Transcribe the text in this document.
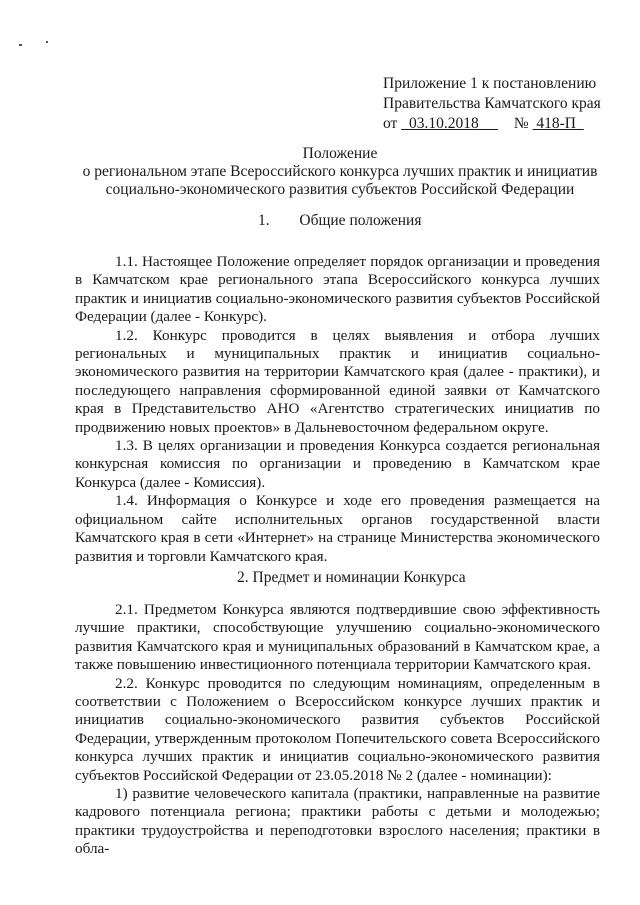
Приложение 1 к постановлению
Правительства Камчатского края
от 03.10.2018 № 418-П
Положение
о региональном этапе Всероссийского конкурса лучших практик и инициатив
социально-экономического развития субъектов Российской Федерации
1. Общие положения

1.1. Настоящее Положение определяет порядок организации и проведения в Камчатском крае регионального этапа Всероссийского конкурса лучших практик и инициатив социально-экономического развития субъектов Российской Федерации (далее - Конкурс).

1.2. Конкурс проводится в целях выявления и отбора лучших региональных и муниципальных практик и инициатив социально-экономического развития на территории Камчатского края (далее - практики), и последующего направления сформированной единой заявки от Камчатского края в Представительство АНО «Агентство стратегических инициатив по продвижению новых проектов» в Дальневосточном федеральном округе.

1.3. В целях организации и проведения Конкурса создается региональная конкурсная комиссия по организации и проведению в Камчатском крае Конкурса (далее - Комиссия).

1.4. Информация о Конкурсе и ходе его проведения размещается на официальном сайте исполнительных органов государственной власти Камчатского края в сети «Интернет» на странице Министерства экономического развития и торговли Камчатского края.

2. Предмет и номинации Конкурса

2.1. Предметом Конкурса являются подтвердившие свою эффективность лучшие практики, способствующие улучшению социально-экономического развития Камчатского края и муниципальных образований в Камчатском крае, а также повышению инвестиционного потенциала территории Камчатского края.

2.2. Конкурс проводится по следующим номинациям, определенным в соответствии с Положением о Всероссийском конкурсе лучших практик и инициатив социально-экономического развития субъектов Российской Федерации, утвержденным протоколом Попечительского совета Всероссийского конкурса лучших практик и инициатив социально-экономического развития субъектов Российской Федерации от 23.05.2018 № 2 (далее - номинации):

1) развитие человеческого капитала (практики, направленные на развитие кадрового потенциала региона; практики работы с детьми и молодежью; практики трудоустройства и переподготовки взрослого населения; практики в обла-
